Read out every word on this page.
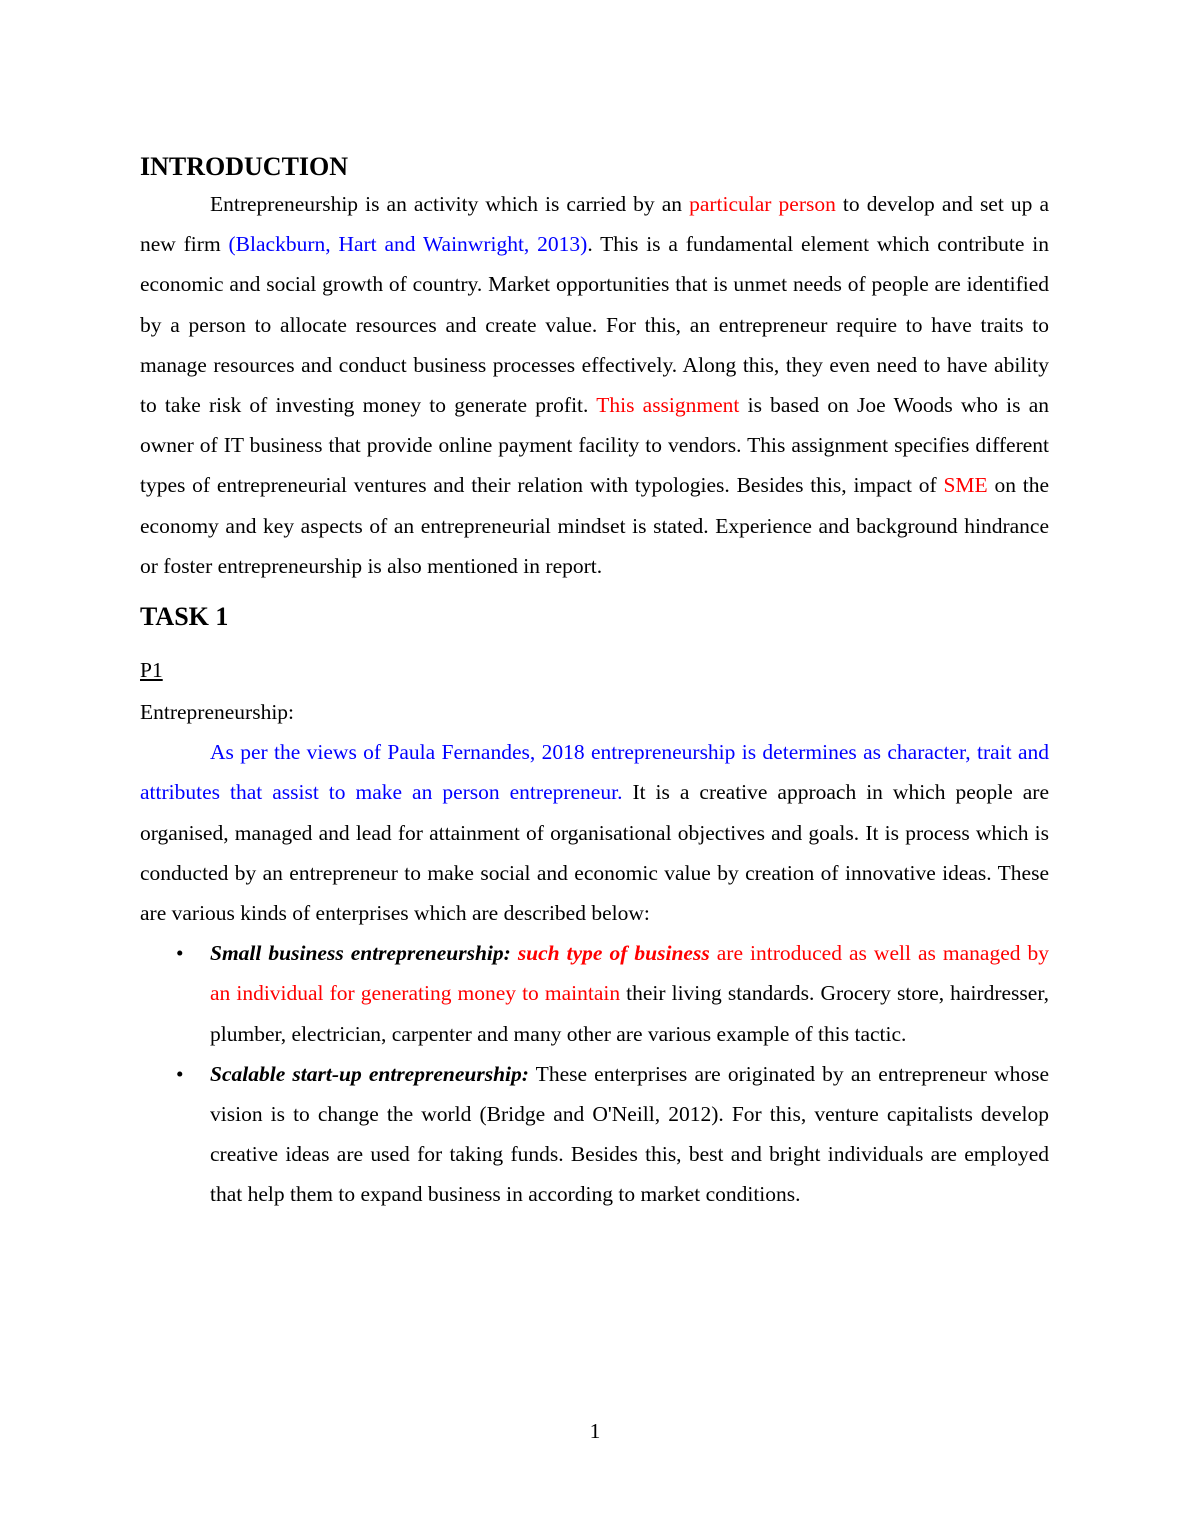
INTRODUCTION

Entrepreneurship is an activity which is carried by an particular person to develop and set up a new firm (Blackburn, Hart and Wainwright, 2013). This is a fundamental element which contribute in economic and social growth of country. Market opportunities that is unmet needs of people are identified by a person to allocate resources and create value. For this, an entrepreneur require to have traits to manage resources and conduct business processes effectively. Along this, they even need to have ability to take risk of investing money to generate profit. This assignment is based on Joe Woods who is an owner of IT business that provide online payment facility to vendors. This assignment specifies different types of entrepreneurial ventures and their relation with typologies. Besides this, impact of SME on the economy and key aspects of an entrepreneurial mindset is stated. Experience and background hindrance or foster entrepreneurship is also mentioned in report.

TASK 1
P1

Entrepreneurship:

As per the views of Paula Fernandes, 2018 entrepreneurship is determines as character, trait and attributes that assist to make an person entrepreneur. It is a creative approach in which people are organised, managed and lead for attainment of organisational objectives and goals. It is process which is conducted by an entrepreneur to make social and economic value by creation of innovative ideas. These are various kinds of enterprises which are described below:

• Small business entrepreneurship: such type of business are introduced as well as managed by an individual for generating money to maintain their living standards. Grocery store, hairdresser, plumber, electrician, carpenter and many other are various example of this tactic.

• Scalable start-up entrepreneurship: These enterprises are originated by an entrepreneur whose vision is to change the world (Bridge and O'Neill, 2012). For this, venture capitalists develop creative ideas are used for taking funds. Besides this, best and bright individuals are employed that help them to expand business in according to market conditions.

1
